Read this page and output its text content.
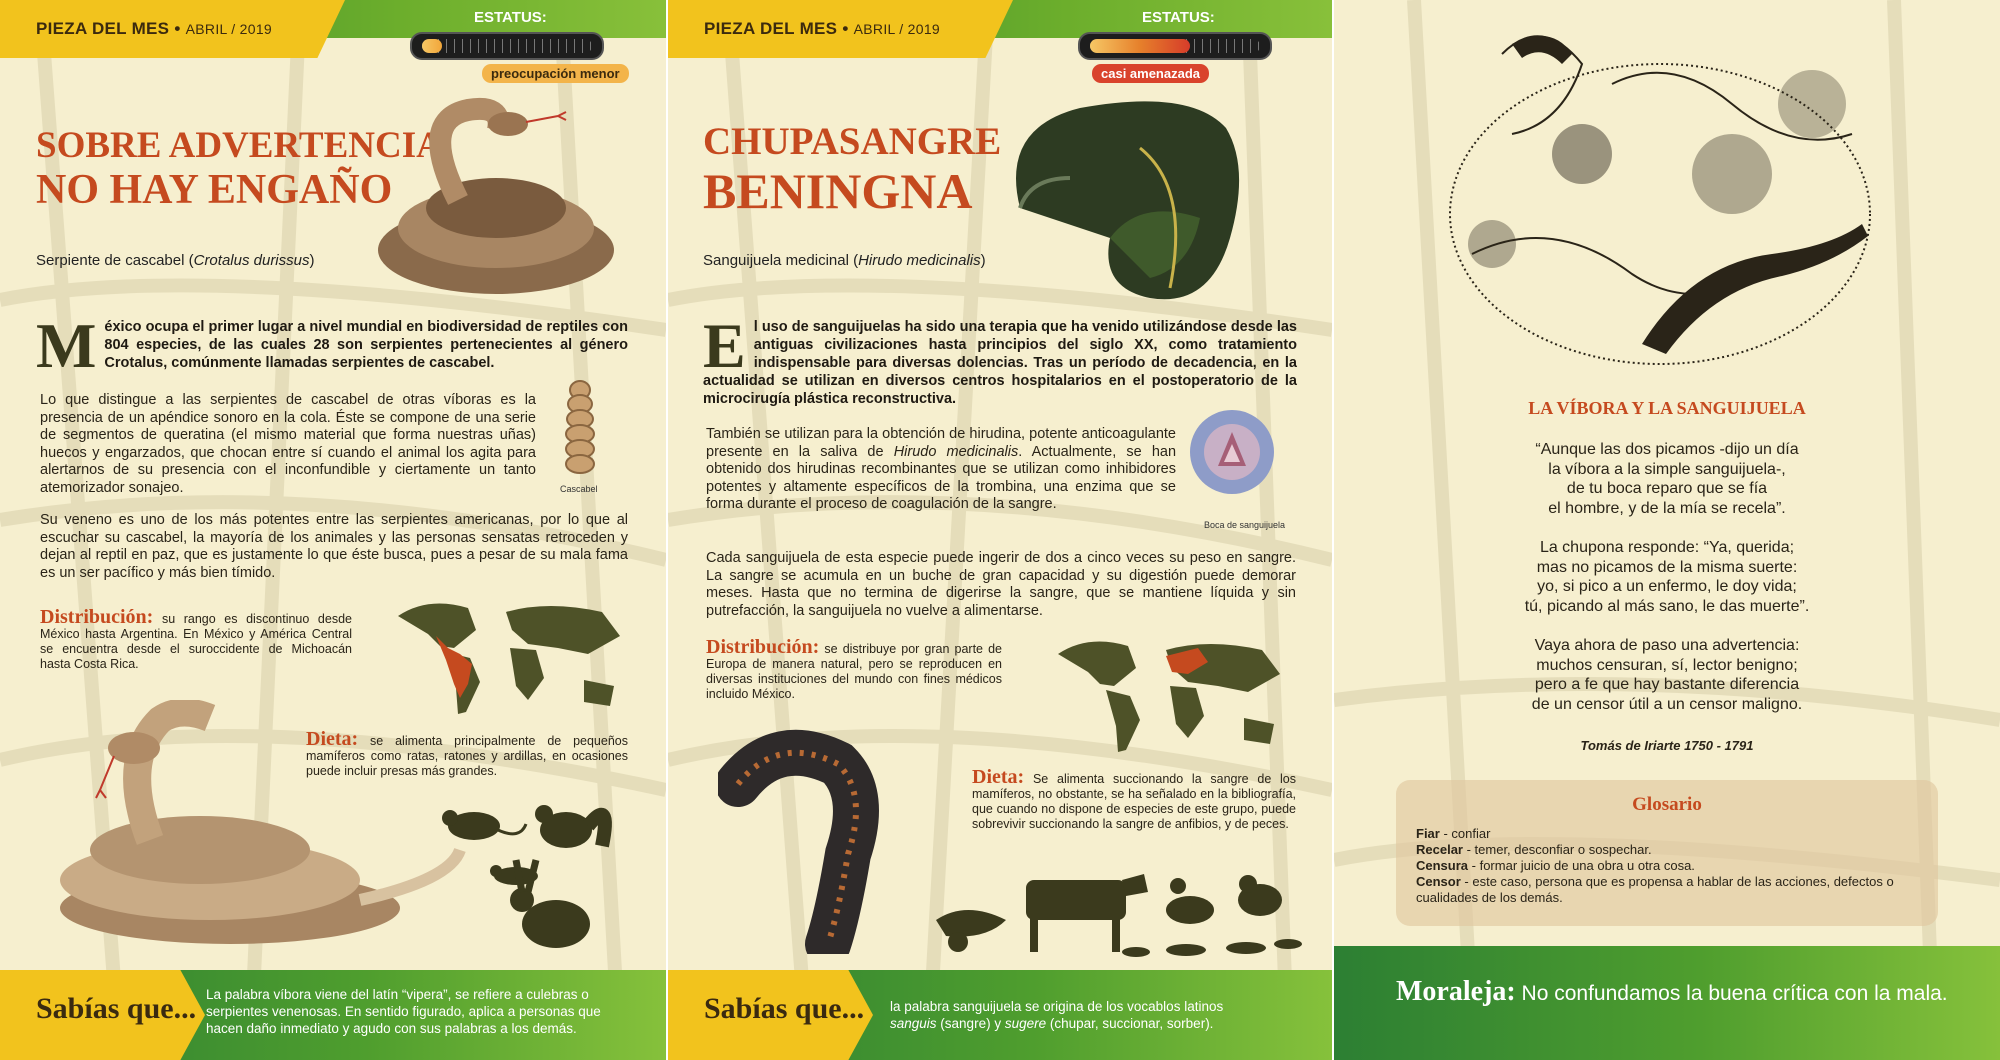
PIEZA DEL MES • ABRIL / 2019
ESTATUS:
preocupación menor
SOBRE ADVERTENCIA
NO HAY ENGAÑO
Serpiente de cascabel (Crotalus durissus)
México ocupa el primer lugar a nivel mundial en biodiversidad de reptiles con 804 especies, de las cuales 28 son serpientes pertenecientes al género Crotalus, comúnmente llamadas serpientes de cascabel.
Lo que distingue a las serpientes de cascabel de otras víboras es la presencia de un apéndice sonoro en la cola. Éste se compone de una serie de segmentos de queratina (el mismo material que forma nuestras uñas) huecos y engarzados, que chocan entre sí cuando el animal los agita para alertarnos de su presencia con el inconfundible y ciertamente un tanto atemorizador sonajeo.	Cascabel
Su veneno es uno de los más potentes entre las serpientes americanas, por lo que al escuchar su cascabel, la mayoría de los animales y las personas sensatas retroceden y dejan al reptil en paz, que es justamente lo que éste busca, pues a pesar de su mala fama es un ser pacífico y más bien tímido.
Distribución: su rango es discontinuo desde México hasta Argentina. En México y América Central se encuentra desde el suroccidente de Michoacán hasta Costa Rica.
Dieta: se alimenta principalmente de pequeños mamíferos como ratas, ratones y ardillas, en ocasiones puede incluir presas más grandes.
Sabías que... La palabra víbora viene del latín “vipera”, se refiere a culebras o serpientes venenosas. En sentido figurado, aplica a personas que hacen daño inmediato y agudo con sus palabras a los demás.
PIEZA DEL MES • ABRIL / 2019
ESTATUS:
casi amenazada
CHUPASANGRE
BENINGNA
Sanguijuela medicinal (Hirudo medicinalis)
El uso de sanguijuelas ha sido una terapia que ha venido utilizándose desde las antiguas civilizaciones hasta principios del siglo XX, como tratamiento indispensable para diversas dolencias. Tras un período de decadencia, en la actualidad se utilizan en diversos centros hospitalarios en el postoperatorio de la microcirugía plástica reconstructiva.
También se utilizan para la obtención de hirudina, potente anticoagulante presente en la saliva de Hirudo medicinalis. Actualmente, se han obtenido dos hirudinas recombinantes que se utilizan como inhibidores potentes y altamente específicos de la trombina, una enzima que se forma durante el proceso de coagulación de la sangre.
Boca de sanguijuela
Cada sanguijuela de esta especie puede ingerir de dos a cinco veces su peso en sangre. La sangre se acumula en un buche de gran capacidad y su digestión puede demorar meses. Hasta que no termina de digerirse la sangre, que se mantiene líquida y sin putrefacción, la sanguijuela no vuelve a alimentarse.
Distribución: se distribuye por gran parte de Europa de manera natural, pero se reproducen en diversas instituciones del mundo con fines médicos incluido México.
Dieta: Se alimenta succionando la sangre de los mamíferos, no obstante, se ha señalado en la bibliografía, que cuando no dispone de especies de este grupo, puede sobrevivir succionando la sangre de anfibios, y de peces.
Sabías que... la palabra sanguijuela se origina de los vocablos latinos
sanguis (sangre) y sugere (chupar, succionar, sorber).
LA VÍBORA Y LA SANGUIJUELA
“Aunque las dos picamos -dijo un día
la víbora a la simple sanguijuela-,
de tu boca reparo que se fía
el hombre, y de la mía se recela”.
La chupona responde: “Ya, querida;
mas no picamos de la misma suerte:
yo, si pico a un enfermo, le doy vida;
tú, picando al más sano, le das muerte”.
Vaya ahora de paso una advertencia:
muchos censuran, sí, lector benigno;
pero a fe que hay bastante diferencia
de un censor útil a un censor maligno.
Tomás de Iriarte 1750 - 1791
Glosario
Fiar - confiar
Recelar - temer, desconfiar o sospechar.
Censura - formar juicio de una obra u otra cosa.
Censor - este caso, persona que es propensa a hablar de las acciones, defectos o cualidades de los demás.
Moraleja: No confundamos la buena crítica con la mala.
